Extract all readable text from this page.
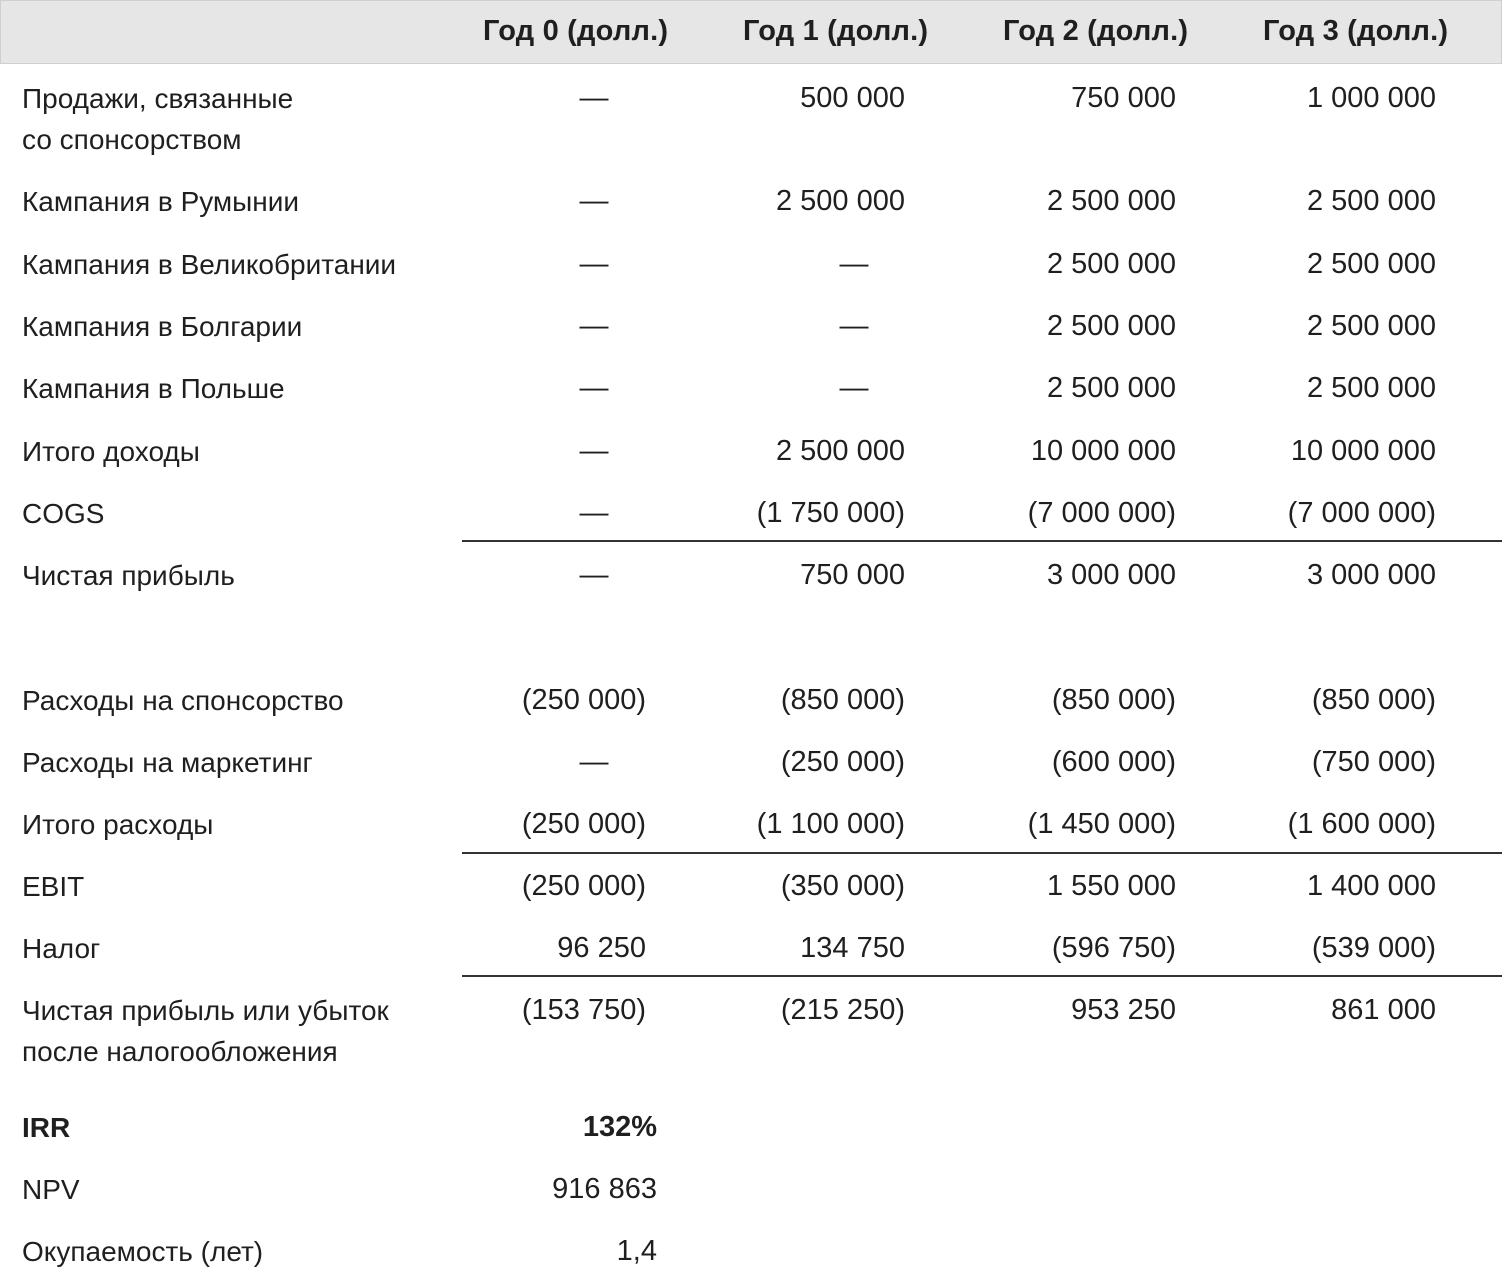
Год 0 (долл.)	Год 1 (долл.)	Год 2 (долл.)	Год 3 (долл.)
Продажи, связанные
со спонсорством
—	500 000	750 000	1 000 000
Кампания в Румынии	—	2 500 000	2 500 000	2 500 000
Кампания в Великобритании	—	—	2 500 000	2 500 000
Кампания в Болгарии	—	—	2 500 000	2 500 000
Кампания в Польше	—	—	2 500 000	2 500 000
Итого доходы	—	2 500 000	10 000 000	10 000 000
COGS	—	(1 750 000)	(7 000 000)	(7 000 000)
Чистая прибыль	—	750 000	3 000 000	3 000 000
Расходы на спонсорство	(250 000)	(850 000)	(850 000)	(850 000)
Расходы на маркетинг	—	(250 000)	(600 000)	(750 000)
Итого расходы	(250 000)	(1 100 000)	(1 450 000)	(1 600 000)
EBIT	(250 000)	(350 000)	1 550 000	1 400 000
Налог	96 250	134 750	(596 750)	(539 000)
Чистая прибыль или убыток
после налогообложения
(153 750)	(215 250)	953 250	861 000
IRR	132%
NPV	916 863
Окупаемость (лет)	1,4
